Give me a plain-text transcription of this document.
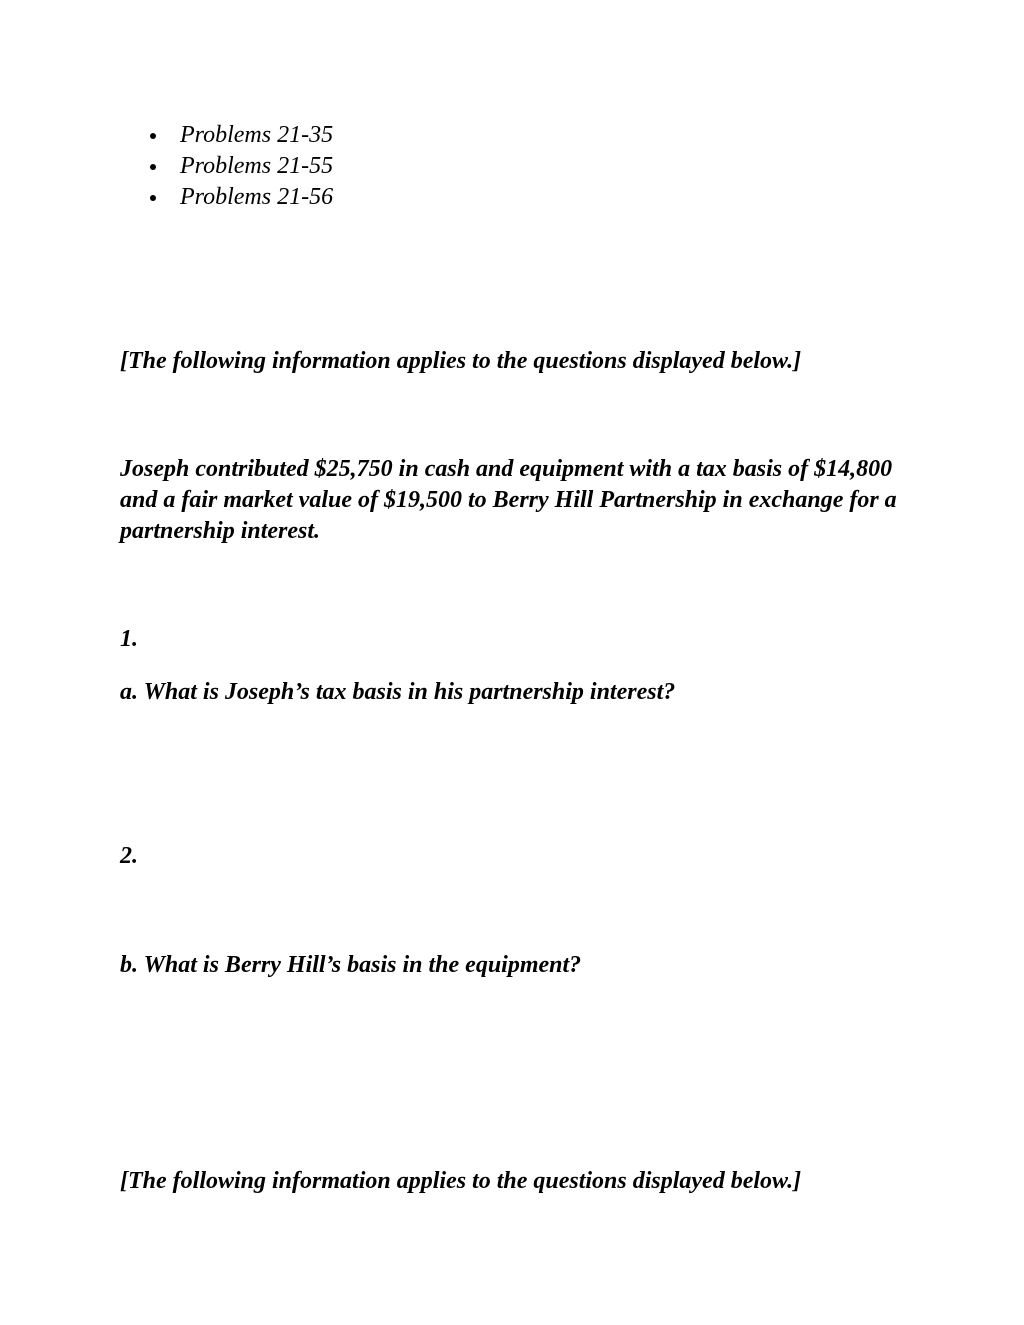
Problems 21-35
Problems 21-55
Problems 21-56

[The following information applies to the questions displayed below.]

Joseph contributed $25,750 in cash and equipment with a tax basis of $14,800 and a fair market value of $19,500 to Berry Hill Partnership in exchange for a partnership interest.

1.

a. What is Joseph’s tax basis in his partnership interest?

2.

b. What is Berry Hill’s basis in the equipment?

[The following information applies to the questions displayed below.]
